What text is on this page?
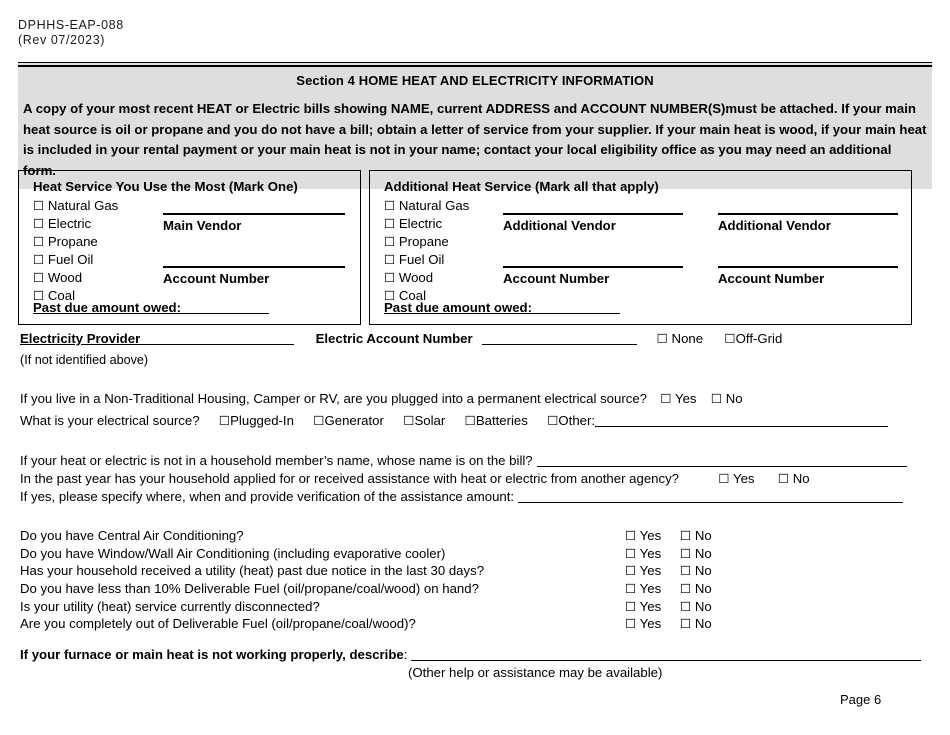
DPHHS-EAP-088
(Rev 07/2023)
Section 4 HOME HEAT AND ELECTRICITY INFORMATION
A copy of your most recent HEAT or Electric bills showing NAME, current ADDRESS and ACCOUNT NUMBER(S)must be attached. If your main heat source is oil or propane and you do not have a bill; obtain a letter of service from your supplier. If your main heat is wood, if your main heat is included in your rental payment or your main heat is not in your name; contact your local eligibility office as you may need an additional form.
Heat Service You Use the Most (Mark One)
☐ Natural Gas
☐ Electric
☐ Propane
☐ Fuel Oil
☐ Wood
☐ Coal
Main Vendor
Account Number
Past due amount owed:
Additional Heat Service (Mark all that apply)
☐ Natural Gas
☐ Electric
☐ Propane
☐ Fuel Oil
☐ Wood
☐ Coal
Additional Vendor
Account Number
Additional Vendor
Account Number
Past due amount owed:
Electricity Provider	Electric Account Number	☐ None ☐Off-Grid
(If not identified above)
If you live in a Non-Traditional Housing, Camper or RV, are you plugged into a permanent electrical source? ☐ Yes ☐ No
What is your electrical source? ☐Plugged-In ☐Generator ☐Solar ☐Batteries ☐Other:
If your heat or electric is not in a household member’s name, whose name is on the bill?
In the past year has your household applied for or received assistance with heat or electric from another agency?	☐ Yes ☐ No
If yes, please specify where, when and provide verification of the assistance amount:
Do you have Central Air Conditioning?	☐ Yes ☐ No
Do you have Window/Wall Air Conditioning (including evaporative cooler)	☐ Yes ☐ No
Has your household received a utility (heat) past due notice in the last 30 days?	☐ Yes ☐ No
Do you have less than 10% Deliverable Fuel (oil/propane/coal/wood) on hand?	☐ Yes ☐ No
Is your utility (heat) service currently disconnected?	☐ Yes ☐ No
Are you completely out of Deliverable Fuel (oil/propane/coal/wood)?	☐ Yes ☐ No
If your furnace or main heat is not working properly, describe:
(Other help or assistance may be available)
Page 6
